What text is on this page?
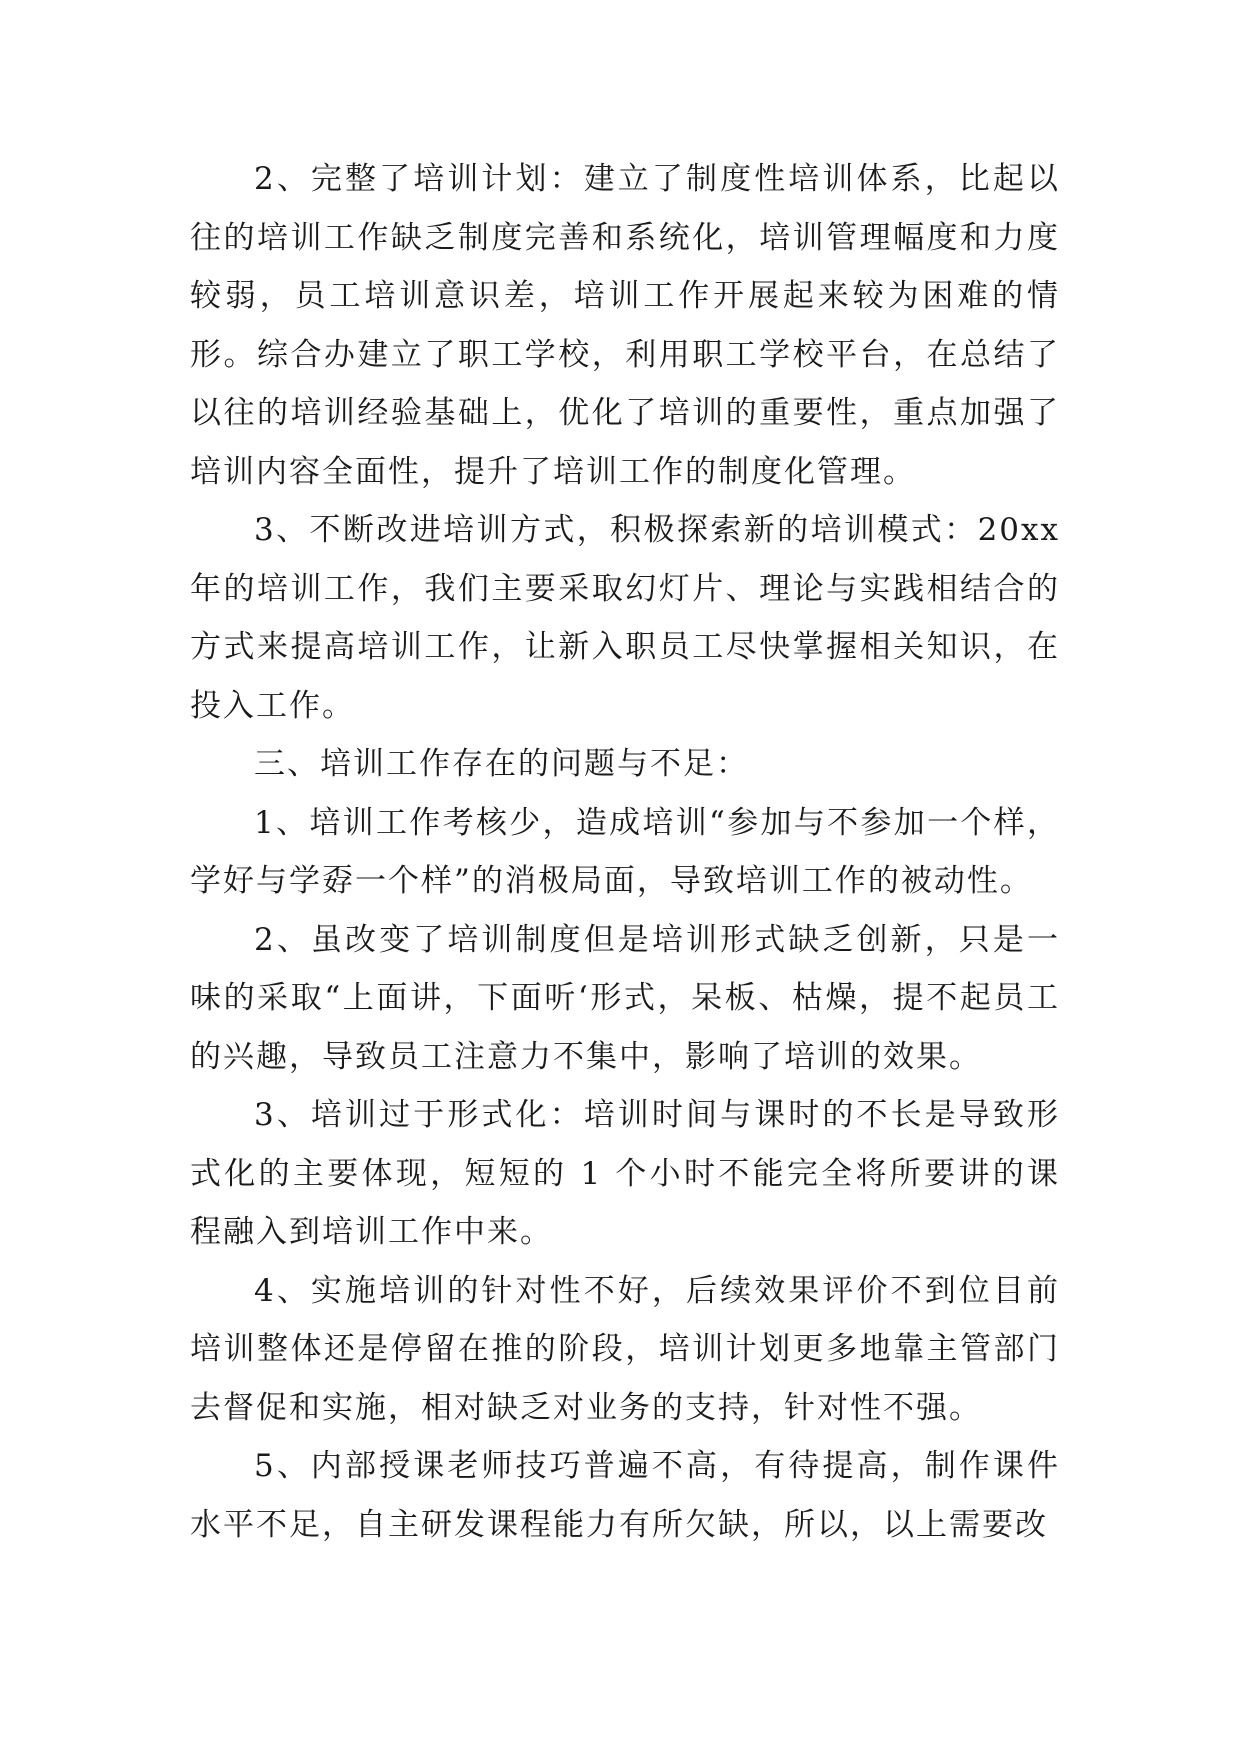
2、完整了培训计划：建立了制度性培训体系，比起以往的培训工作缺乏制度完善和系统化，培训管理幅度和力度较弱，员工培训意识差，培训工作开展起来较为困难的情形。综合办建立了职工学校，利用职工学校平台，在总结了以往的培训经验基础上，优化了培训的重要性，重点加强了培训内容全面性，提升了培训工作的制度化管理。

3、不断改进培训方式，积极探索新的培训模式：20xx年的培训工作，我们主要采取幻灯片、理论与实践相结合的方式来提高培训工作，让新入职员工尽快掌握相关知识，在投入工作。

三、培训工作存在的问题与不足：

1、培训工作考核少，造成培训“参加与不参加一个样，学好与学孬一个样”的消极局面，导致培训工作的被动性。

2、虽改变了培训制度但是培训形式缺乏创新，只是一味的采取“上面讲，下面听‘形式，呆板、枯燥，提不起员工的兴趣，导致员工注意力不集中，影响了培训的效果。

3、培训过于形式化：培训时间与课时的不长是导致形式化的主要体现，短短的 1 个小时不能完全将所要讲的课程融入到培训工作中来。

4、实施培训的针对性不好，后续效果评价不到位目前培训整体还是停留在推的阶段，培训计划更多地靠主管部门去督促和实施，相对缺乏对业务的支持，针对性不强。

5、内部授课老师技巧普遍不高，有待提高，制作课件水平不足，自主研发课程能力有所欠缺，所以，以上需要改
